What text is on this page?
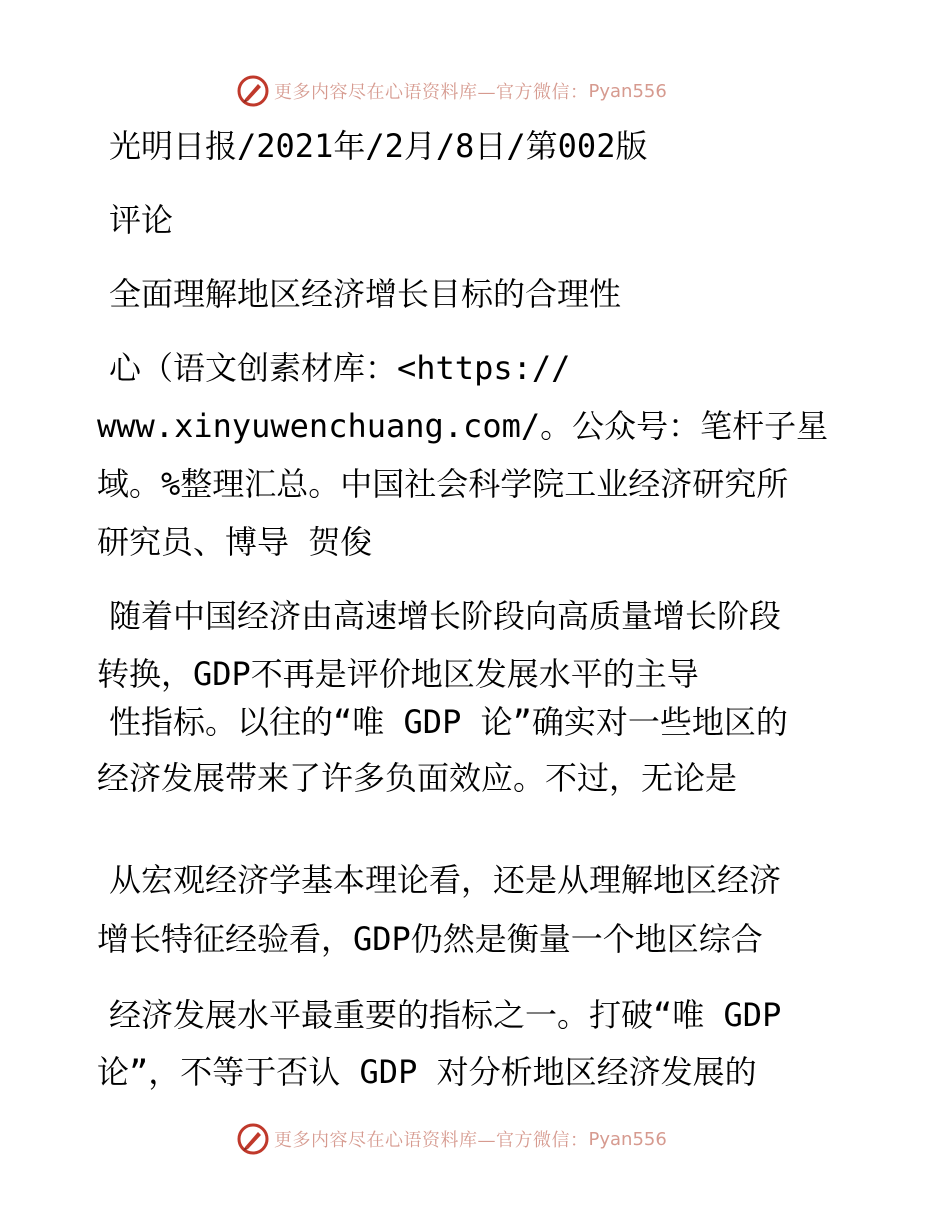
更多内容尽在心语资料库—官方微信： Pyan556
光明日报/2021年/2月/8日/第002版
评论
全面理解地区经济增长目标的合理性
心（语文创素材库：<https://
www.xinyuwenchuang.com/。公众号：笔杆子星
域。%整理汇总。中国社会科学院工业经济研究所
研究员、博导 贺俊
随着中国经济由高速增长阶段向高质量增长阶段
转换，GDP不再是评价地区发展水平的主导
性指标。以往的“唯 GDP 论”确实对一些地区的
经济发展带来了许多负面效应。不过，无论是
从宏观经济学基本理论看，还是从理解地区经济
增长特征经验看，GDP仍然是衡量一个地区综合
经济发展水平最重要的指标之一。打破“唯 GDP
论”，不等于否认 GDP 对分析地区经济发展的
更多内容尽在心语资料库—官方微信： Pyan556
